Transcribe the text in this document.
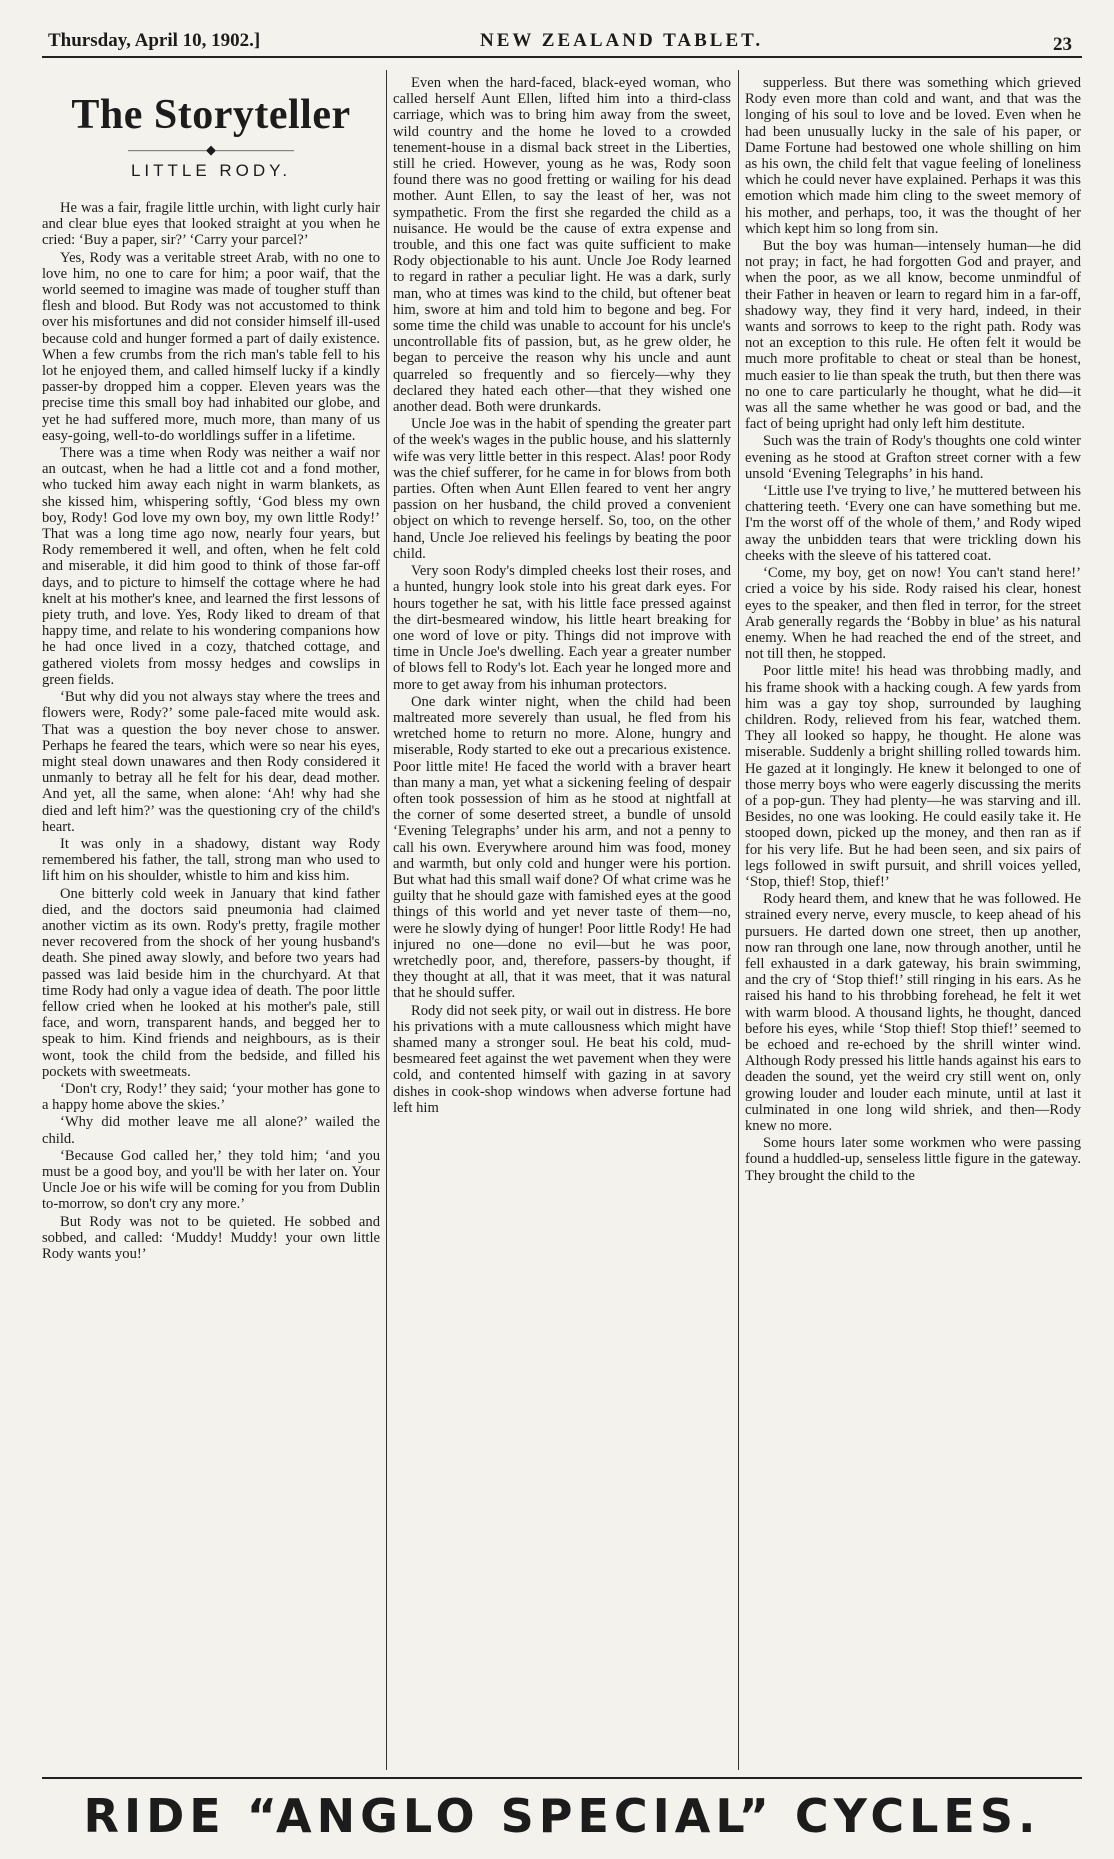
Thursday, April 10, 1902.]	NEW ZEALAND TABLET.	23
The Storyteller
——————◆——————
LITTLE RODY.

He was a fair, fragile little urchin, with light curly hair and clear blue eyes that looked straight at you when he cried: ‘Buy a paper, sir?’ ‘Carry your parcel?’

Yes, Rody was a veritable street Arab, with no one to love him, no one to care for him; a poor waif, that the world seemed to imagine was made of tougher stuff than flesh and blood. But Rody was not accustomed to think over his misfortunes and did not consider himself ill-used because cold and hunger formed a part of daily existence. When a few crumbs from the rich man's table fell to his lot he enjoyed them, and called himself lucky if a kindly passer-by dropped him a copper. Eleven years was the precise time this small boy had inhabited our globe, and yet he had suffered more, much more, than many of us easy-going, well-to-do worldlings suffer in a lifetime.

There was a time when Rody was neither a waif nor an outcast, when he had a little cot and a fond mother, who tucked him away each night in warm blankets, as she kissed him, whispering softly, ‘God bless my own boy, Rody! God love my own boy, my own little Rody!’ That was a long time ago now, nearly four years, but Rody remembered it well, and often, when he felt cold and miserable, it did him good to think of those far-off days, and to picture to himself the cottage where he had knelt at his mother's knee, and learned the first lessons of piety truth, and love. Yes, Rody liked to dream of that happy time, and relate to his wondering companions how he had once lived in a cozy, thatched cottage, and gathered violets from mossy hedges and cowslips in green fields.

‘But why did you not always stay where the trees and flowers were, Rody?’ some pale-faced mite would ask. That was a question the boy never chose to answer. Perhaps he feared the tears, which were so near his eyes, might steal down unawares and then Rody considered it unmanly to betray all he felt for his dear, dead mother. And yet, all the same, when alone: ‘Ah! why had she died and left him?’ was the questioning cry of the child's heart.

It was only in a shadowy, distant way Rody remembered his father, the tall, strong man who used to lift him on his shoulder, whistle to him and kiss him.

One bitterly cold week in January that kind father died, and the doctors said pneumonia had claimed another victim as its own. Rody's pretty, fragile mother never recovered from the shock of her young husband's death. She pined away slowly, and before two years had passed was laid beside him in the churchyard. At that time Rody had only a vague idea of death. The poor little fellow cried when he looked at his mother's pale, still face, and worn, transparent hands, and begged her to speak to him. Kind friends and neighbours, as is their wont, took the child from the bedside, and filled his pockets with sweetmeats.

‘Don't cry, Rody!’ they said; ‘your mother has gone to a happy home above the skies.’

‘Why did mother leave me all alone?’ wailed the child.

‘Because God called her,’ they told him; ‘and you must be a good boy, and you'll be with her later on. Your Uncle Joe or his wife will be coming for you from Dublin to-morrow, so don't cry any more.’

But Rody was not to be quieted. He sobbed and sobbed, and called: ‘Muddy! Muddy! your own little Rody wants you!’

Even when the hard-faced, black-eyed woman, who called herself Aunt Ellen, lifted him into a third-class carriage, which was to bring him away from the sweet, wild country and the home he loved to a crowded tenement-house in a dismal back street in the Liberties, still he cried. However, young as he was, Rody soon found there was no good fretting or wailing for his dead mother. Aunt Ellen, to say the least of her, was not sympathetic. From the first she regarded the child as a nuisance. He would be the cause of extra expense and trouble, and this one fact was quite sufficient to make Rody objectionable to his aunt. Uncle Joe Rody learned to regard in rather a peculiar light. He was a dark, surly man, who at times was kind to the child, but oftener beat him, swore at him and told him to begone and beg. For some time the child was unable to account for his uncle's uncontrollable fits of passion, but, as he grew older, he began to perceive the reason why his uncle and aunt quarreled so frequently and so fiercely—why they declared they hated each other—that they wished one another dead. Both were drunkards.

Uncle Joe was in the habit of spending the greater part of the week's wages in the public house, and his slatternly wife was very little better in this respect. Alas! poor Rody was the chief sufferer, for he came in for blows from both parties. Often when Aunt Ellen feared to vent her angry passion on her husband, the child proved a convenient object on which to revenge herself. So, too, on the other hand, Uncle Joe relieved his feelings by beating the poor child.

Very soon Rody's dimpled cheeks lost their roses, and a hunted, hungry look stole into his great dark eyes. For hours together he sat, with his little face pressed against the dirt-besmeared window, his little heart breaking for one word of love or pity. Things did not improve with time in Uncle Joe's dwelling. Each year a greater number of blows fell to Rody's lot. Each year he longed more and more to get away from his inhuman protectors.

One dark winter night, when the child had been maltreated more severely than usual, he fled from his wretched home to return no more. Alone, hungry and miserable, Rody started to eke out a precarious existence. Poor little mite! He faced the world with a braver heart than many a man, yet what a sickening feeling of despair often took possession of him as he stood at nightfall at the corner of some deserted street, a bundle of unsold ‘Evening Telegraphs’ under his arm, and not a penny to call his own. Everywhere around him was food, money and warmth, but only cold and hunger were his portion. But what had this small waif done? Of what crime was he guilty that he should gaze with famished eyes at the good things of this world and yet never taste of them—no, were he slowly dying of hunger! Poor little Rody! He had injured no one—done no evil—but he was poor, wretchedly poor, and, therefore, passers-by thought, if they thought at all, that it was meet, that it was natural that he should suffer.

Rody did not seek pity, or wail out in distress. He bore his privations with a mute callousness which might have shamed many a stronger soul. He beat his cold, mud-besmeared feet against the wet pavement when they were cold, and contented himself with gazing in at savory dishes in cook-shop windows when adverse fortune had left him

supperless. But there was something which grieved Rody even more than cold and want, and that was the longing of his soul to love and be loved. Even when he had been unusually lucky in the sale of his paper, or Dame Fortune had bestowed one whole shilling on him as his own, the child felt that vague feeling of loneliness which he could never have explained. Perhaps it was this emotion which made him cling to the sweet memory of his mother, and perhaps, too, it was the thought of her which kept him so long from sin.

But the boy was human—intensely human—he did not pray; in fact, he had forgotten God and prayer, and when the poor, as we all know, become unmindful of their Father in heaven or learn to regard him in a far-off, shadowy way, they find it very hard, indeed, in their wants and sorrows to keep to the right path. Rody was not an exception to this rule. He often felt it would be much more profitable to cheat or steal than be honest, much easier to lie than speak the truth, but then there was no one to care particularly he thought, what he did—it was all the same whether he was good or bad, and the fact of being upright had only left him destitute.

Such was the train of Rody's thoughts one cold winter evening as he stood at Grafton street corner with a few unsold ‘Evening Telegraphs’ in his hand.

‘Little use I've trying to live,’ he muttered between his chattering teeth. ‘Every one can have something but me. I'm the worst off of the whole of them,’ and Rody wiped away the unbidden tears that were trickling down his cheeks with the sleeve of his tattered coat.

‘Come, my boy, get on now! You can't stand here!’ cried a voice by his side. Rody raised his clear, honest eyes to the speaker, and then fled in terror, for the street Arab generally regards the ‘Bobby in blue’ as his natural enemy. When he had reached the end of the street, and not till then, he stopped.

Poor little mite! his head was throbbing madly, and his frame shook with a hacking cough. A few yards from him was a gay toy shop, surrounded by laughing children. Rody, relieved from his fear, watched them. They all looked so happy, he thought. He alone was miserable. Suddenly a bright shilling rolled towards him. He gazed at it longingly. He knew it belonged to one of those merry boys who were eagerly discussing the merits of a pop-gun. They had plenty—he was starving and ill. Besides, no one was looking. He could easily take it. He stooped down, picked up the money, and then ran as if for his very life. But he had been seen, and six pairs of legs followed in swift pursuit, and shrill voices yelled, ‘Stop, thief! Stop, thief!’

Rody heard them, and knew that he was followed. He strained every nerve, every muscle, to keep ahead of his pursuers. He darted down one street, then up another, now ran through one lane, now through another, until he fell exhausted in a dark gateway, his brain swimming, and the cry of ‘Stop thief!’ still ringing in his ears. As he raised his hand to his throbbing forehead, he felt it wet with warm blood. A thousand lights, he thought, danced before his eyes, while ‘Stop thief! Stop thief!’ seemed to be echoed and re-echoed by the shrill winter wind. Although Rody pressed his little hands against his ears to deaden the sound, yet the weird cry still went on, only growing louder and louder each minute, until at last it culminated in one long wild shriek, and then—Rody knew no more.

Some hours later some workmen who were passing found a huddled-up, senseless little figure in the gateway. They brought the child to the

RIDE “ANGLO SPECIAL” CYCLES.
